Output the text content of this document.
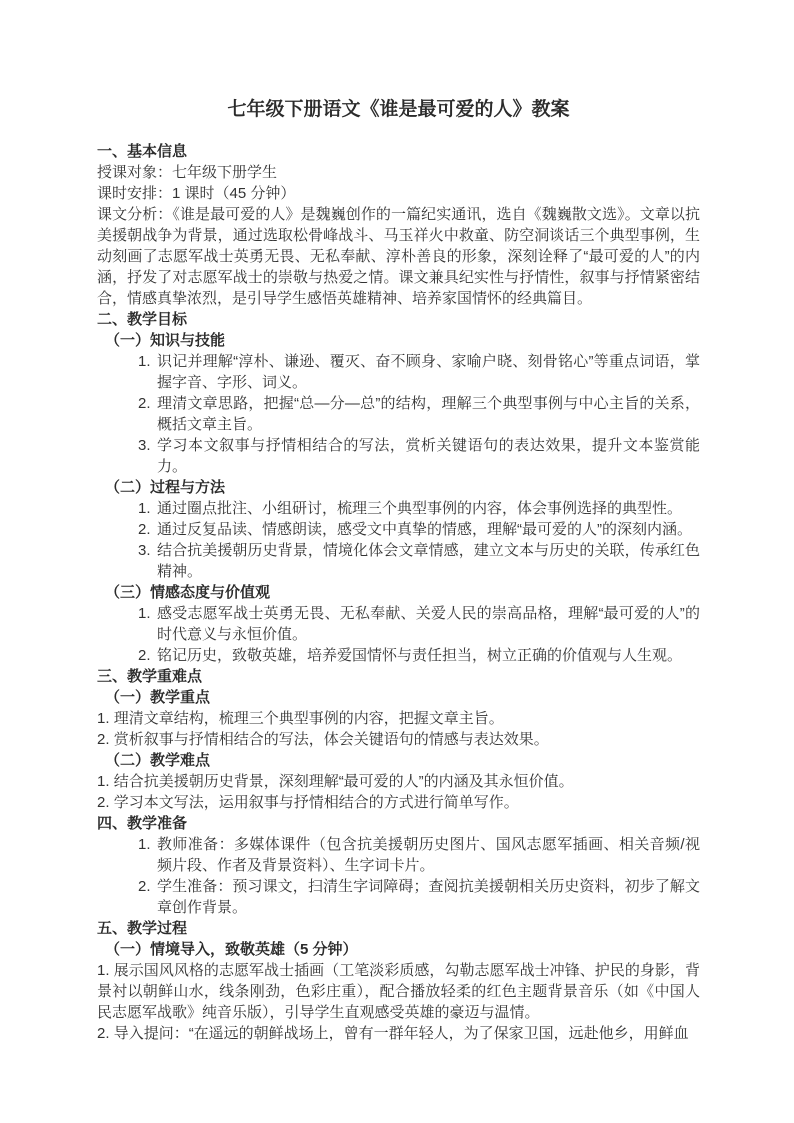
七年级下册语文《谁是最可爱的人》教案

一、基本信息

授课对象：七年级下册学生

课时安排：1 课时（45 分钟）

课文分析：《谁是最可爱的人》是魏巍创作的一篇纪实通讯，选自《魏巍散文选》。文章以抗美援朝战争为背景，通过选取松骨峰战斗、马玉祥火中救童、防空洞谈话三个典型事例，生动刻画了志愿军战士英勇无畏、无私奉献、淳朴善良的形象，深刻诠释了“最可爱的人”的内涵，抒发了对志愿军战士的崇敬与热爱之情。课文兼具纪实性与抒情性，叙事与抒情紧密结合，情感真挚浓烈，是引导学生感悟英雄精神、培养家国情怀的经典篇目。

二、教学目标

（一）知识与技能

1. 识记并理解“淳朴、谦逊、覆灭、奋不顾身、家喻户晓、刻骨铭心”等重点词语，掌握字音、字形、词义。
2. 理清文章思路，把握“总—分—总”的结构，理解三个典型事例与中心主旨的关系，概括文章主旨。
3. 学习本文叙事与抒情相结合的写法，赏析关键语句的表达效果，提升文本鉴赏能力。

（二）过程与方法

1. 通过圈点批注、小组研讨，梳理三个典型事例的内容，体会事例选择的典型性。
2. 通过反复品读、情感朗读，感受文中真挚的情感，理解“最可爱的人”的深刻内涵。
3. 结合抗美援朝历史背景，情境化体会文章情感，建立文本与历史的关联，传承红色精神。

（三）情感态度与价值观

1. 感受志愿军战士英勇无畏、无私奉献、关爱人民的崇高品格，理解“最可爱的人”的时代意义与永恒价值。
2. 铭记历史，致敬英雄，培养爱国情怀与责任担当，树立正确的价值观与人生观。

三、教学重难点

（一）教学重点

1. 理清文章结构，梳理三个典型事例的内容，把握文章主旨。

2. 赏析叙事与抒情相结合的写法，体会关键语句的情感与表达效果。

（二）教学难点

1. 结合抗美援朝历史背景，深刻理解“最可爱的人”的内涵及其永恒价值。

2. 学习本文写法，运用叙事与抒情相结合的方式进行简单写作。

四、教学准备

1. 教师准备：多媒体课件（包含抗美援朝历史图片、国风志愿军插画、相关音频/视频片段、作者及背景资料）、生字词卡片。
2. 学生准备：预习课文，扫清生字词障碍；查阅抗美援朝相关历史资料，初步了解文章创作背景。

五、教学过程

（一）情境导入，致敬英雄（5 分钟）

1. 展示国风风格的志愿军战士插画（工笔淡彩质感，勾勒志愿军战士冲锋、护民的身影，背景衬以朝鲜山水，线条刚劲，色彩庄重），配合播放轻柔的红色主题背景音乐（如《中国人民志愿军战歌》纯音乐版），引导学生直观感受英雄的豪迈与温情。

2. 导入提问：“在遥远的朝鲜战场上，曾有一群年轻人，为了保家卫国，远赴他乡，用鲜血
